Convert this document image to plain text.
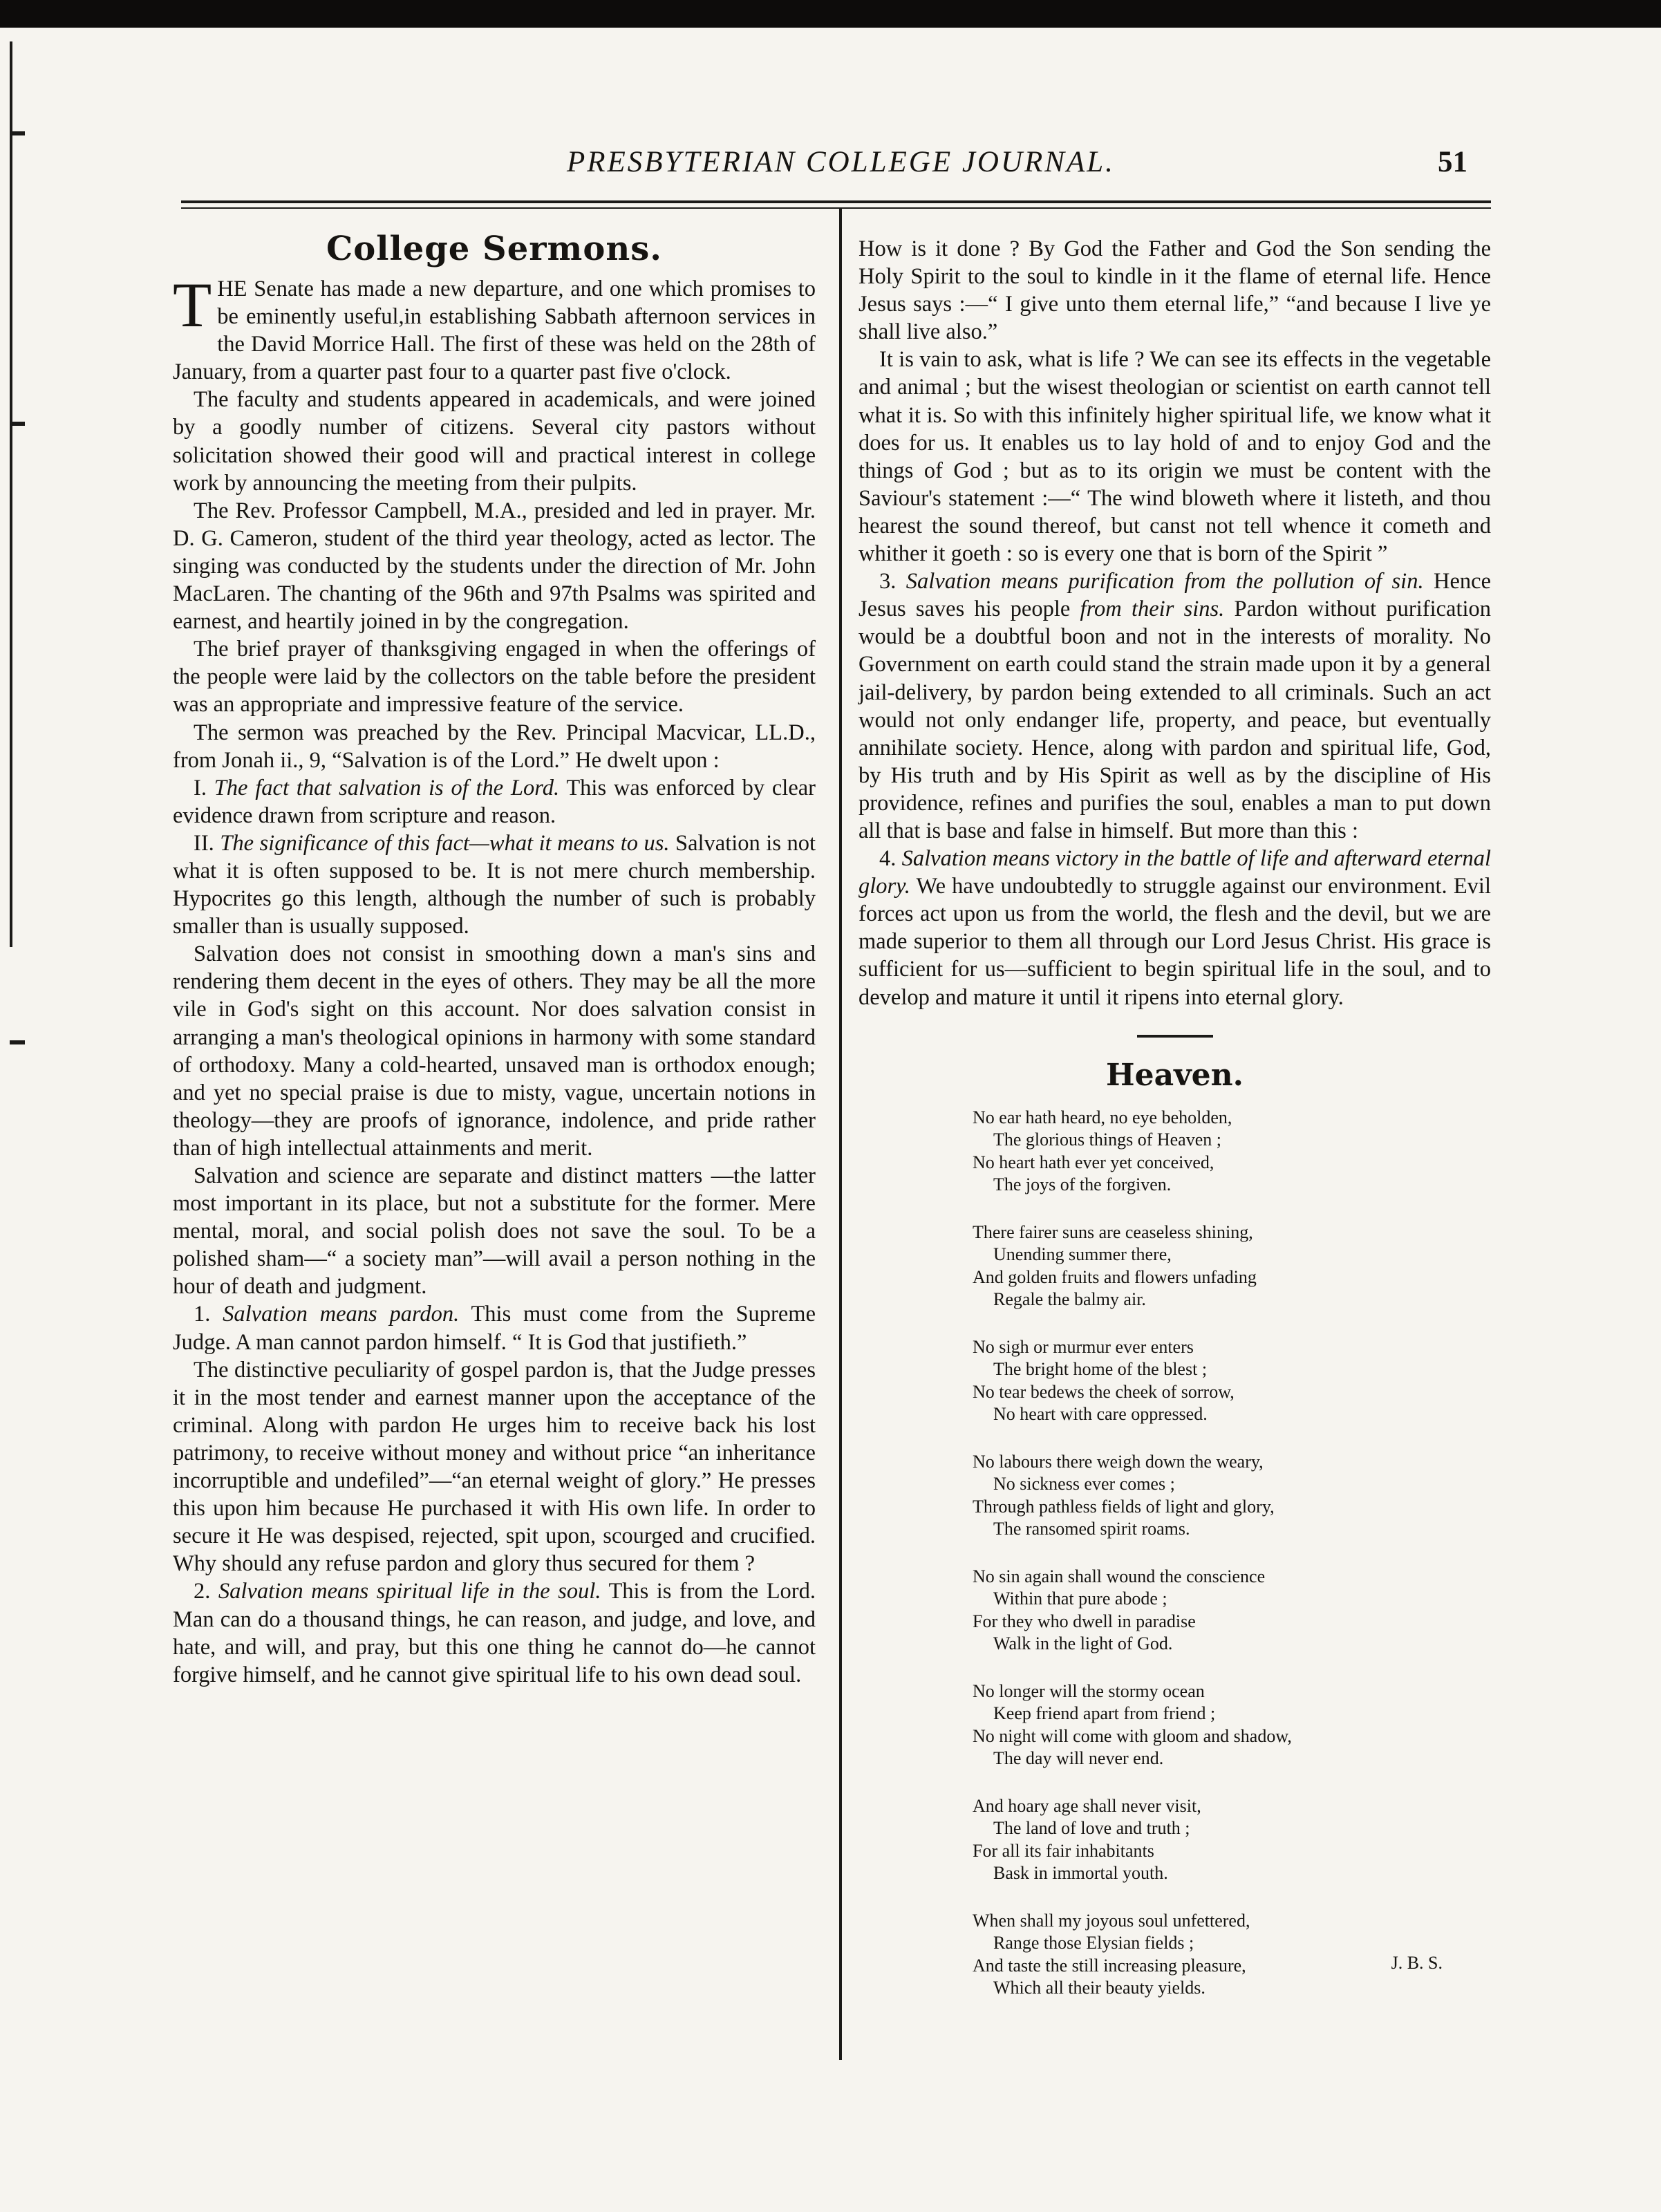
PRESBYTERIAN COLLEGE JOURNAL.	51
College Sermons.

THE Senate has made a new departure, and one which promises to be eminently useful,in establishing Sabbath afternoon services in the David Morrice Hall. The first of these was held on the 28th of January, from a quarter past four to a quarter past five o'clock.

The faculty and students appeared in academicals, and were joined by a goodly number of citizens. Several city pastors without solicitation showed their good will and practical interest in college work by announcing the meeting from their pulpits.

The Rev. Professor Campbell, M.A., presided and led in prayer. Mr. D. G. Cameron, student of the third year theology, acted as lector. The singing was conducted by the students under the direction of Mr. John MacLaren. The chanting of the 96th and 97th Psalms was spirited and earnest, and heartily joined in by the congregation.

The brief prayer of thanksgiving engaged in when the offerings of the people were laid by the collectors on the table before the president was an appropriate and impressive feature of the service.

The sermon was preached by the Rev. Principal Macvicar, LL.D., from Jonah ii., 9, “Salvation is of the Lord.” He dwelt upon :

I. The fact that salvation is of the Lord. This was enforced by clear evidence drawn from scripture and reason.

II. The significance of this fact—what it means to us. Salvation is not what it is often supposed to be. It is not mere church membership. Hypocrites go this length, although the number of such is probably smaller than is usually supposed.

Salvation does not consist in smoothing down a man's sins and rendering them decent in the eyes of others. They may be all the more vile in God's sight on this account. Nor does salvation consist in arranging a man's theological opinions in harmony with some standard of orthodoxy. Many a cold-hearted, unsaved man is orthodox enough; and yet no special praise is due to misty, vague, uncertain notions in theology—they are proofs of ignorance, indolence, and pride rather than of high intellectual attainments and merit.

Salvation and science are separate and distinct matters —the latter most important in its place, but not a substitute for the former. Mere mental, moral, and social polish does not save the soul. To be a polished sham—“ a society man”—will avail a person nothing in the hour of death and judgment.

1. Salvation means pardon. This must come from the Supreme Judge. A man cannot pardon himself. “ It is God that justifieth.”

The distinctive peculiarity of gospel pardon is, that the Judge presses it in the most tender and earnest manner upon the acceptance of the criminal. Along with pardon He urges him to receive back his lost patrimony, to receive without money and without price “an inheritance incorruptible and undefiled”—“an eternal weight of glory.” He presses this upon him because He purchased it with His own life. In order to secure it He was despised, rejected, spit upon, scourged and crucified. Why should any refuse pardon and glory thus secured for them ?

2. Salvation means spiritual life in the soul. This is from the Lord. Man can do a thousand things, he can reason, and judge, and love, and hate, and will, and pray, but this one thing he cannot do—he cannot forgive himself, and he cannot give spiritual life to his own dead soul.

How is it done ? By God the Father and God the Son sending the Holy Spirit to the soul to kindle in it the flame of eternal life. Hence Jesus says :—“ I give unto them eternal life,” “and because I live ye shall live also.”

It is vain to ask, what is life ? We can see its effects in the vegetable and animal ; but the wisest theologian or scientist on earth cannot tell what it is. So with this infinitely higher spiritual life, we know what it does for us. It enables us to lay hold of and to enjoy God and the things of God ; but as to its origin we must be content with the Saviour's statement :—“ The wind bloweth where it listeth, and thou hearest the sound thereof, but canst not tell whence it cometh and whither it goeth : so is every one that is born of the Spirit ”

3. Salvation means purification from the pollution of sin. Hence Jesus saves his people from their sins. Pardon without purification would be a doubtful boon and not in the interests of morality. No Government on earth could stand the strain made upon it by a general jail-delivery, by pardon being extended to all criminals. Such an act would not only endanger life, property, and peace, but eventually annihilate society. Hence, along with pardon and spiritual life, God, by His truth and by His Spirit as well as by the discipline of His providence, refines and purifies the soul, enables a man to put down all that is base and false in himself. But more than this :

4. Salvation means victory in the battle of life and afterward eternal glory. We have undoubtedly to struggle against our environment. Evil forces act upon us from the world, the flesh and the devil, but we are made superior to them all through our Lord Jesus Christ. His grace is sufficient for us—sufficient to begin spiritual life in the soul, and to develop and mature it until it ripens into eternal glory.

Heaven.
No ear hath heard, no eye beholden,
The glorious things of Heaven ;
No heart hath ever yet conceived,
The joys of the forgiven.
There fairer suns are ceaseless shining,
Unending summer there,
And golden fruits and flowers unfading
Regale the balmy air.
No sigh or murmur ever enters
The bright home of the blest ;
No tear bedews the cheek of sorrow,
No heart with care oppressed.
No labours there weigh down the weary,
No sickness ever comes ;
Through pathless fields of light and glory,
The ransomed spirit roams.
No sin again shall wound the conscience
Within that pure abode ;
For they who dwell in paradise
Walk in the light of God.
No longer will the stormy ocean
Keep friend apart from friend ;
No night will come with gloom and shadow,
The day will never end.
And hoary age shall never visit,
The land of love and truth ;
For all its fair inhabitants
Bask in immortal youth.
When shall my joyous soul unfettered,
Range those Elysian fields ;
And taste the still increasing pleasure,
Which all their beauty yields.
J. B. S.
